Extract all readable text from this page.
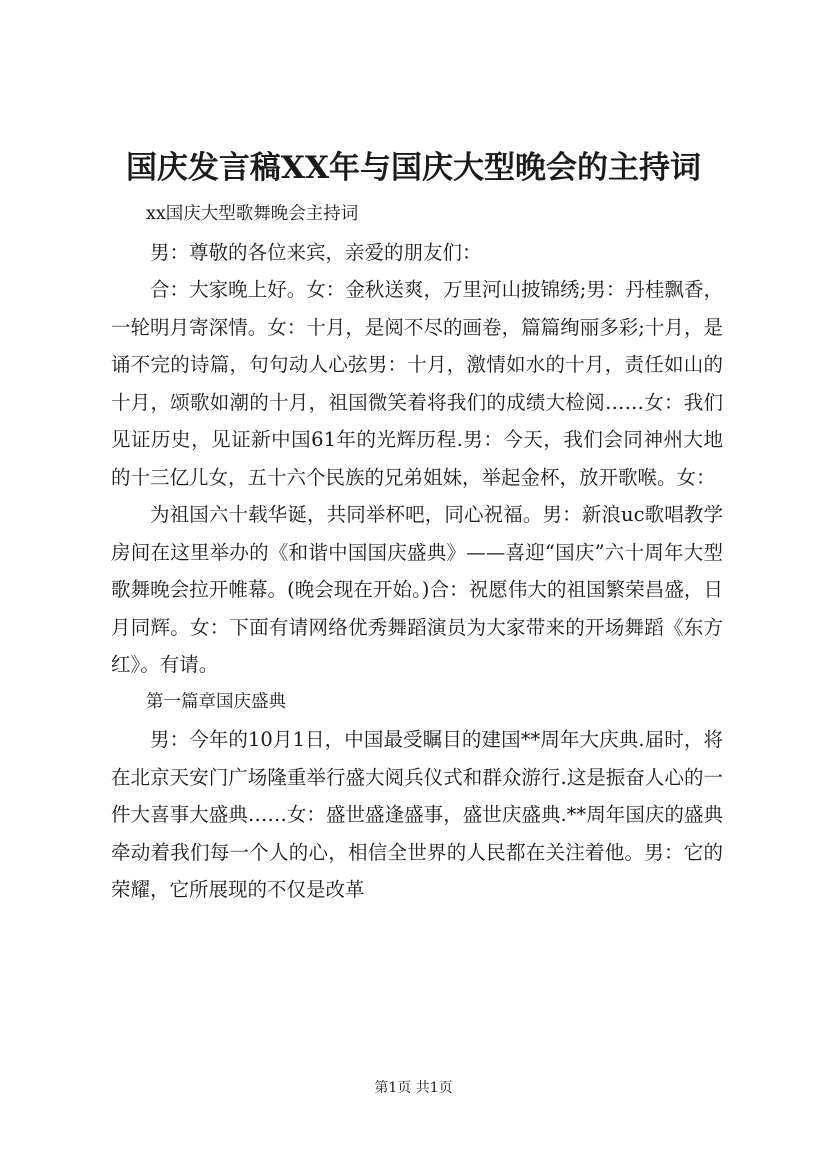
国庆发言稿XX年与国庆大型晚会的主持词

xx国庆大型歌舞晚会主持词

男：尊敬的各位来宾，亲爱的朋友们：

合：大家晚上好。女：金秋送爽，万里河山披锦绣;男：丹桂飘香，一轮明月寄深情。女：十月，是阅不尽的画卷，篇篇绚丽多彩;十月，是诵不完的诗篇，句句动人心弦男：十月，激情如水的十月，责任如山的十月，颂歌如潮的十月，祖国微笑着将我们的成绩大检阅……女：我们见证历史，见证新中国61年的光辉历程.男：今天，我们会同神州大地的十三亿儿女，五十六个民族的兄弟姐妹，举起金杯，放开歌喉。女：

为祖国六十载华诞，共同举杯吧，同心祝福。男：新浪uc歌唱教学房间在这里举办的《和谐中国国庆盛典》——喜迎“国庆”六十周年大型歌舞晚会拉开帷幕。(晚会现在开始。)合：祝愿伟大的祖国繁荣昌盛，日月同辉。女：下面有请网络优秀舞蹈演员为大家带来的开场舞蹈《东方红》。有请。

第一篇章国庆盛典

男：今年的10月1日，中国最受瞩目的建国**周年大庆典.届时，将在北京天安门广场隆重举行盛大阅兵仪式和群众游行.这是振奋人心的一件大喜事大盛典……女：盛世盛逢盛事，盛世庆盛典.**周年国庆的盛典牵动着我们每一个人的心，相信全世界的人民都在关注着他。男：它的荣耀，它所展现的不仅是改革

第1页 共1页
